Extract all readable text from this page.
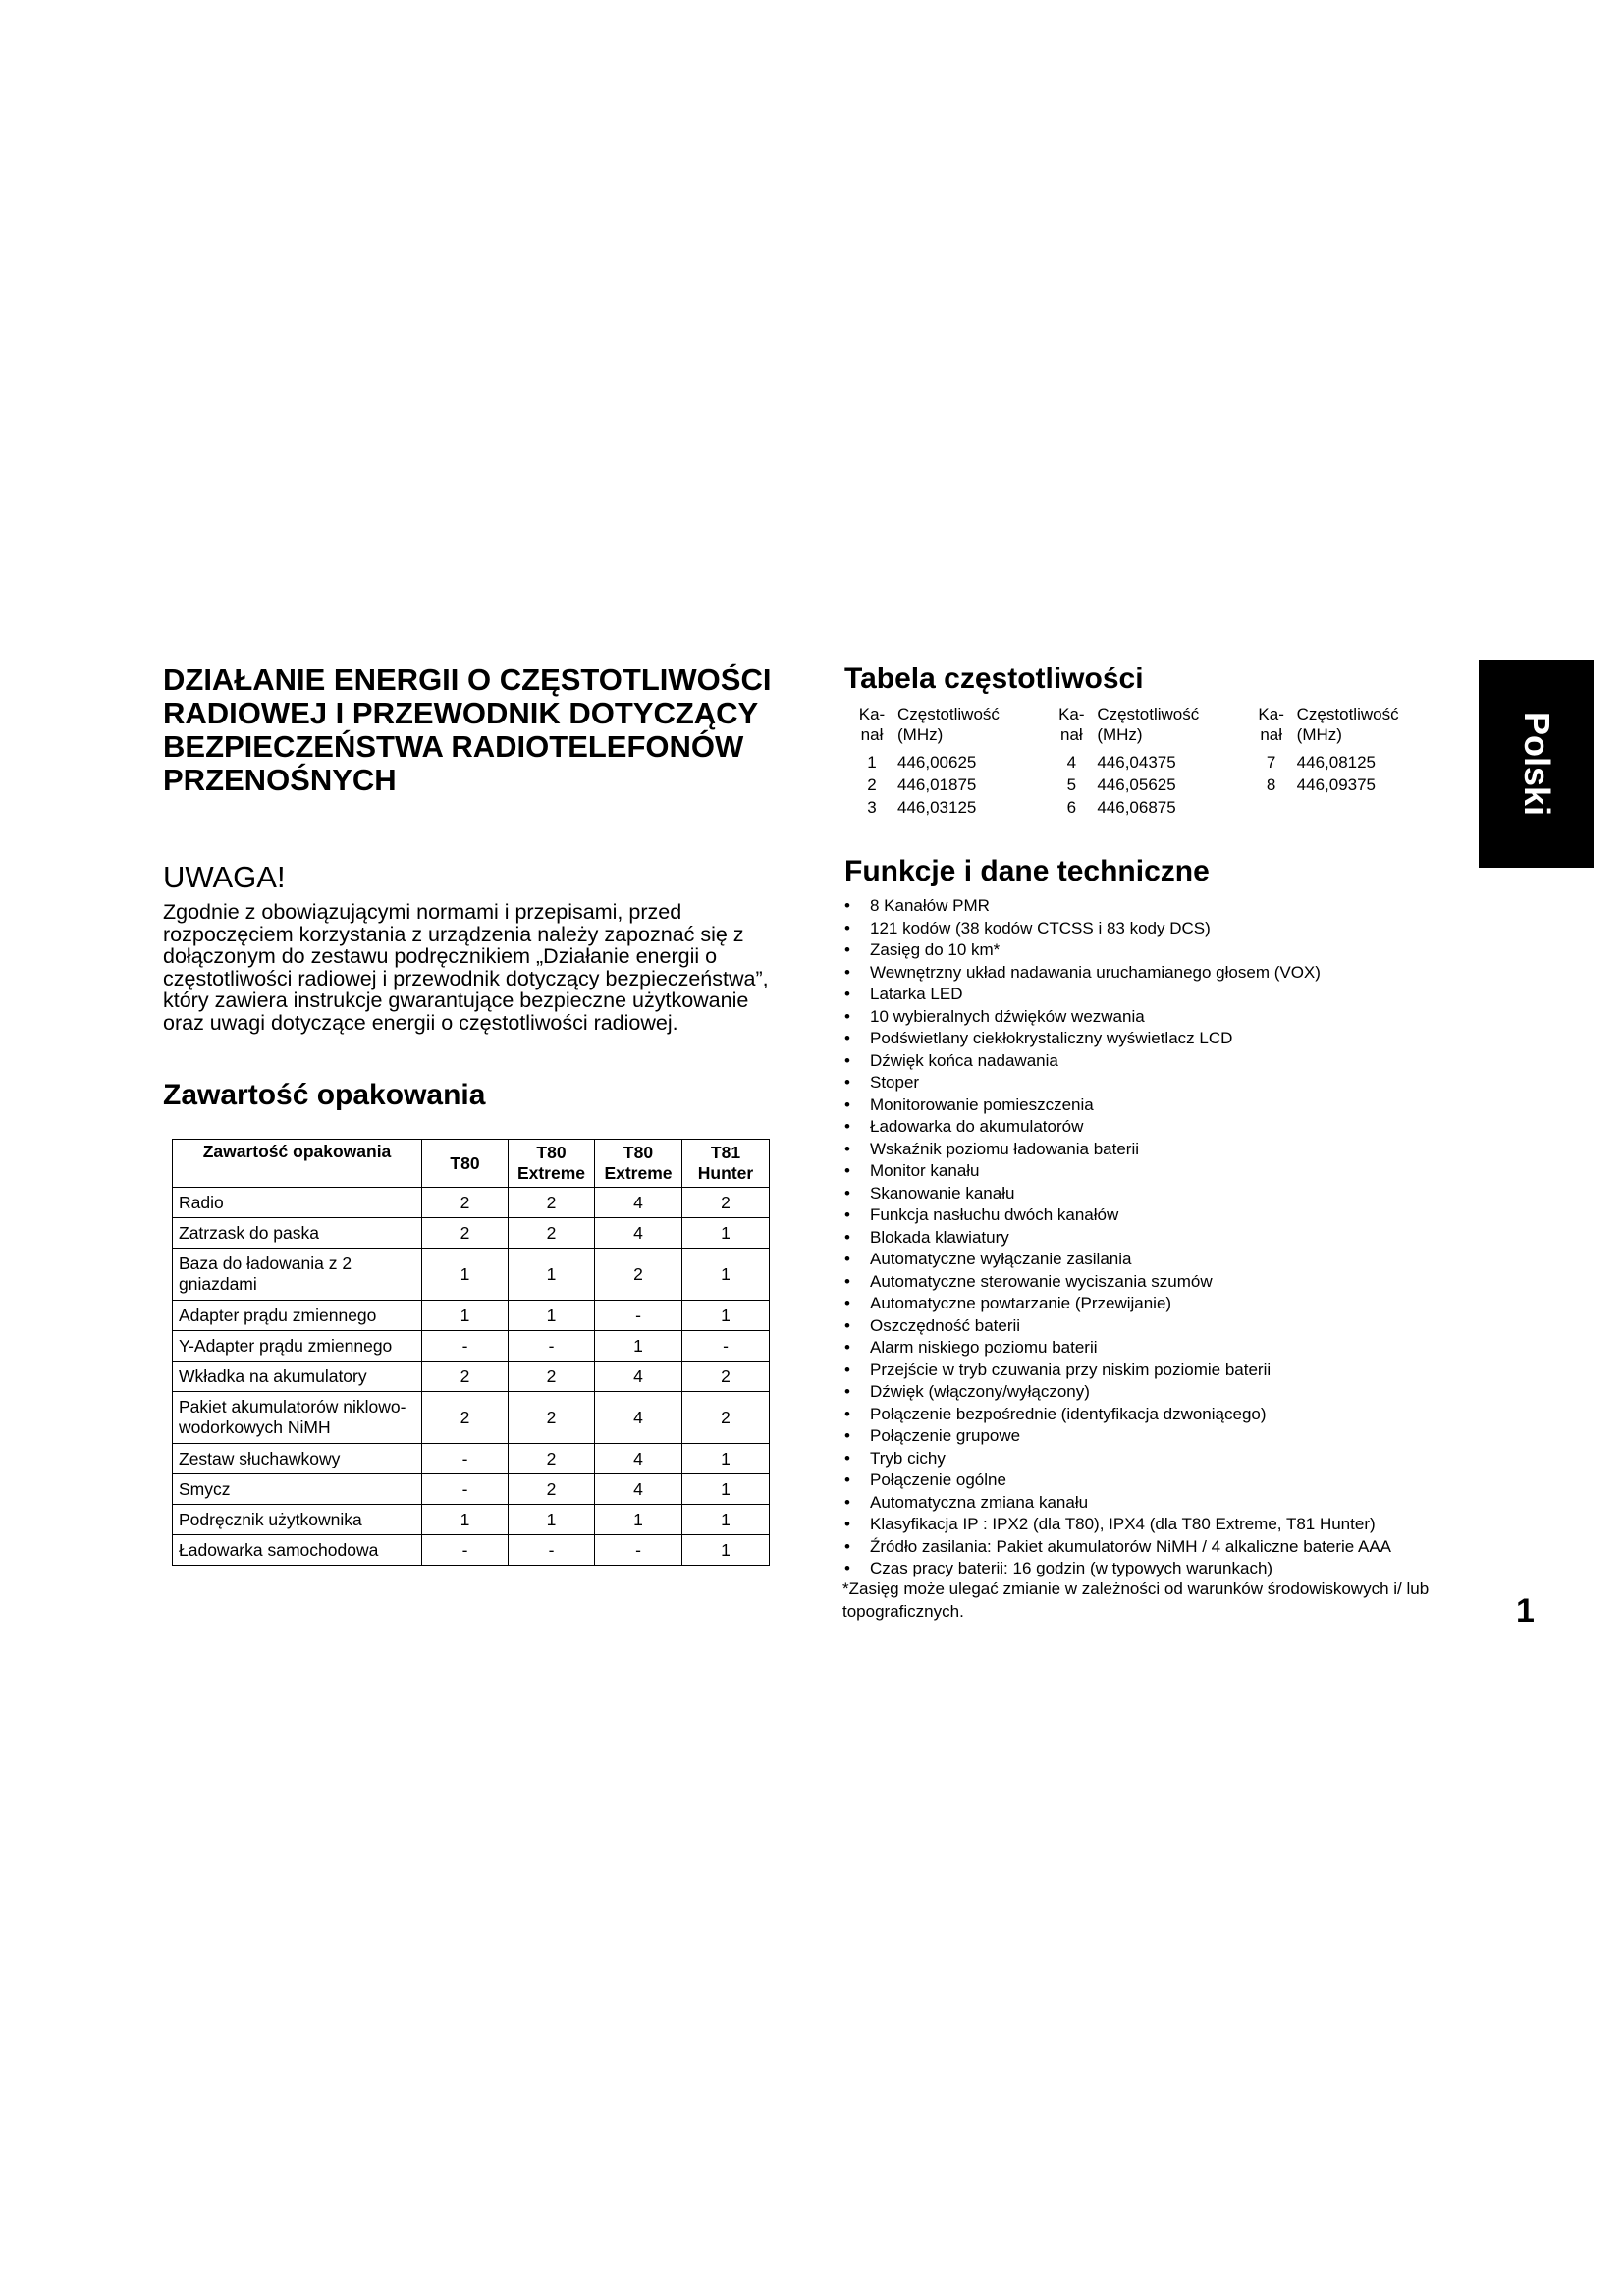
DZIAŁANIE ENERGII O CZĘSTOTLIWOŚCI RADIOWEJ I PRZEWODNIK DOTYCZĄCY BEZPIECZEŃSTWA RADIOTELEFONÓW PRZENOŚNYCH
UWAGA!

Zgodnie z obowiązującymi normami i przepisami, przed rozpoczęciem korzystania z urządzenia należy zapoznać się z dołączonym do zestawu podręcznikiem „Działanie energii o częstotliwości radiowej i przewodnik dotyczący bezpieczeństwa”, który zawiera instrukcje gwarantujące bezpieczne użytkowanie oraz uwagi dotyczące energii o częstotliwości radiowej.

Zawartość opakowania
Zawartość opakowania	T80	T80 Extreme	T80 Extreme	T81 Hunter
Radio	2	2	4	2
Zatrzask do paska	2	2	4	1
Baza do ładowania z 2 gniazdami	1	1	2	1
Adapter prądu zmiennego	1	1	-	1
Y-Adapter prądu zmiennego	-	-	1	-
Wkładka na akumulatory	2	2	4	2
Pakiet akumulatorów niklowo-wodorkowych NiMH	2	2	4	2
Zestaw słuchawkowy	-	2	4	1
Smycz	-	2	4	1
Podręcznik użytkownika	1	1	1	1
Ładowarka samochodowa	-	-	-	1
Tabela częstotliwości
Ka-nał	Częstotliwość (MHz)	Ka-nał	Częstotliwość (MHz)	Ka-nał	Częstotliwość (MHz)
1	446,00625	4	446,04375	7	446,08125
2	446,01875	5	446,05625	8	446,09375
3	446,03125	6	446,06875		
Funkcje i dane techniczne
• 8 Kanałów PMR
• 121 kodów (38 kodów CTCSS i 83 kody DCS)
• Zasięg do 10 km*
• Wewnętrzny układ nadawania uruchamianego głosem (VOX)
• Latarka LED
• 10 wybieralnych dźwięków wezwania
• Podświetlany ciekłokrystaliczny wyświetlacz LCD
• Dźwięk końca nadawania
• Stoper
• Monitorowanie pomieszczenia
• Ładowarka do akumulatorów
• Wskaźnik poziomu ładowania baterii
• Monitor kanału
• Skanowanie kanału
• Funkcja nasłuchu dwóch kanałów
• Blokada klawiatury
• Automatyczne wyłączanie zasilania
• Automatyczne sterowanie wyciszania szumów
• Automatyczne powtarzanie (Przewijanie)
• Oszczędność baterii
• Alarm niskiego poziomu baterii
• Przejście w tryb czuwania przy niskim poziomie baterii
• Dźwięk (włączony/wyłączony)
• Połączenie bezpośrednie (identyfikacja dzwoniącego)
• Połączenie grupowe
• Tryb cichy
• Połączenie ogólne
• Automatyczna zmiana kanału
• Klasyfikacja IP : IPX2 (dla T80), IPX4 (dla T80 Extreme, T81 Hunter)
• Źródło zasilania: Pakiet akumulatorów NiMH / 4 alkaliczne baterie AAA
• Czas pracy baterii: 16 godzin (w typowych warunkach)

*Zasięg może ulegać zmianie w zależności od warunków środowiskowych i/ lub topograficznych.

Polski
1
